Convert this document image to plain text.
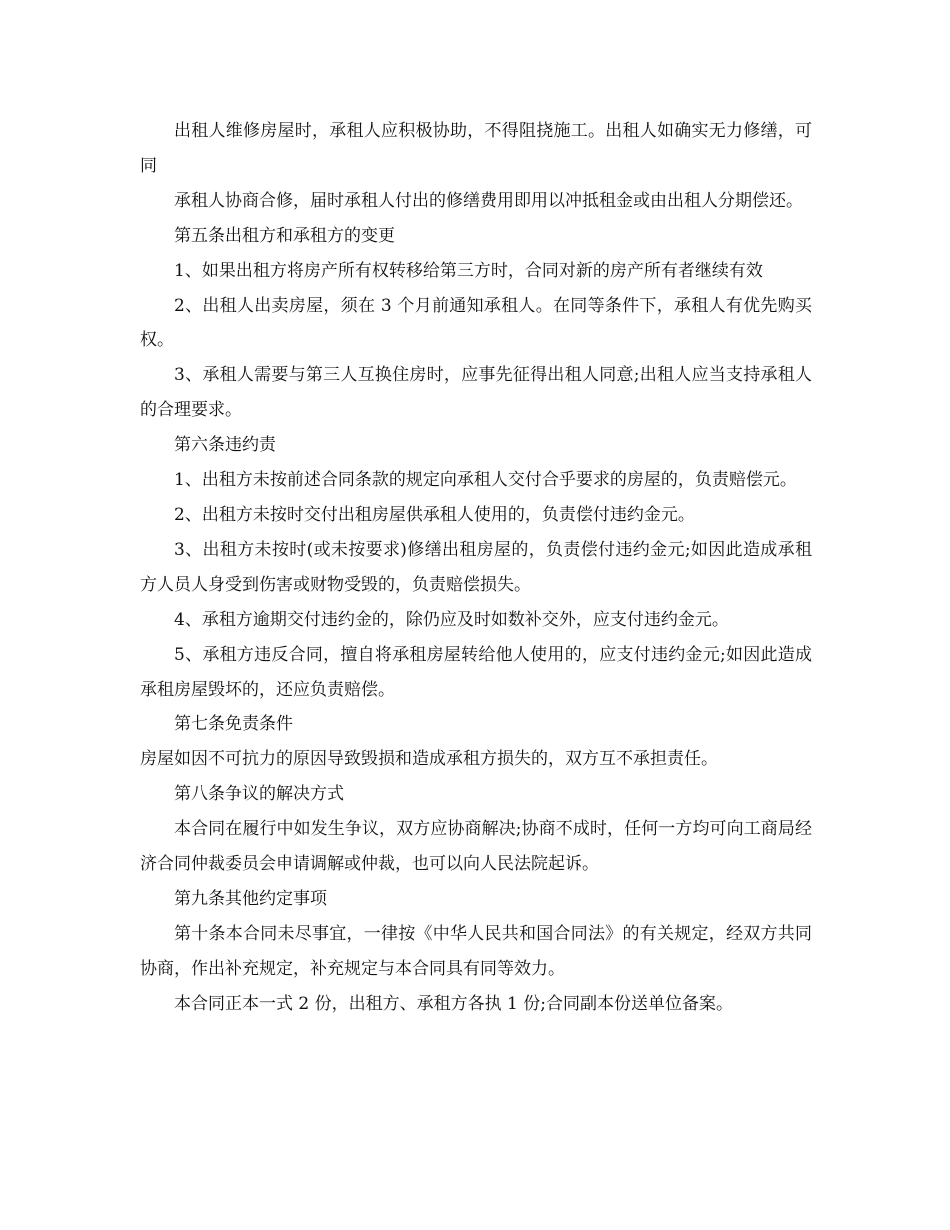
出租人维修房屋时，承租人应积极协助，不得阻挠施工。出租人如确实无力修缮，可同

承租人协商合修，届时承租人付出的修缮费用即用以冲抵租金或由出租人分期偿还。

第五条出租方和承租方的变更

1、如果出租方将房产所有权转移给第三方时，合同对新的房产所有者继续有效

2、出租人出卖房屋，须在 3 个月前通知承租人。在同等条件下，承租人有优先购买权。

3、承租人需要与第三人互换住房时，应事先征得出租人同意;出租人应当支持承租人的合理要求。

第六条违约责

1、出租方未按前述合同条款的规定向承租人交付合乎要求的房屋的，负责赔偿元。

2、出租方未按时交付出租房屋供承租人使用的，负责偿付违约金元。

3、出租方未按时(或未按要求)修缮出租房屋的，负责偿付违约金元;如因此造成承租方人员人身受到伤害或财物受毁的，负责赔偿损失。

4、承租方逾期交付违约金的，除仍应及时如数补交外，应支付违约金元。

5、承租方违反合同，擅自将承租房屋转给他人使用的，应支付违约金元;如因此造成承租房屋毁坏的，还应负责赔偿。

第七条免责条件

房屋如因不可抗力的原因导致毁损和造成承租方损失的，双方互不承担责任。

第八条争议的解决方式

本合同在履行中如发生争议，双方应协商解决;协商不成时，任何一方均可向工商局经济合同仲裁委员会申请调解或仲裁，也可以向人民法院起诉。

第九条其他约定事项

第十条本合同未尽事宜，一律按《中华人民共和国合同法》的有关规定，经双方共同协商，作出补充规定，补充规定与本合同具有同等效力。

本合同正本一式 2 份，出租方、承租方各执 1 份;合同副本份送单位备案。
